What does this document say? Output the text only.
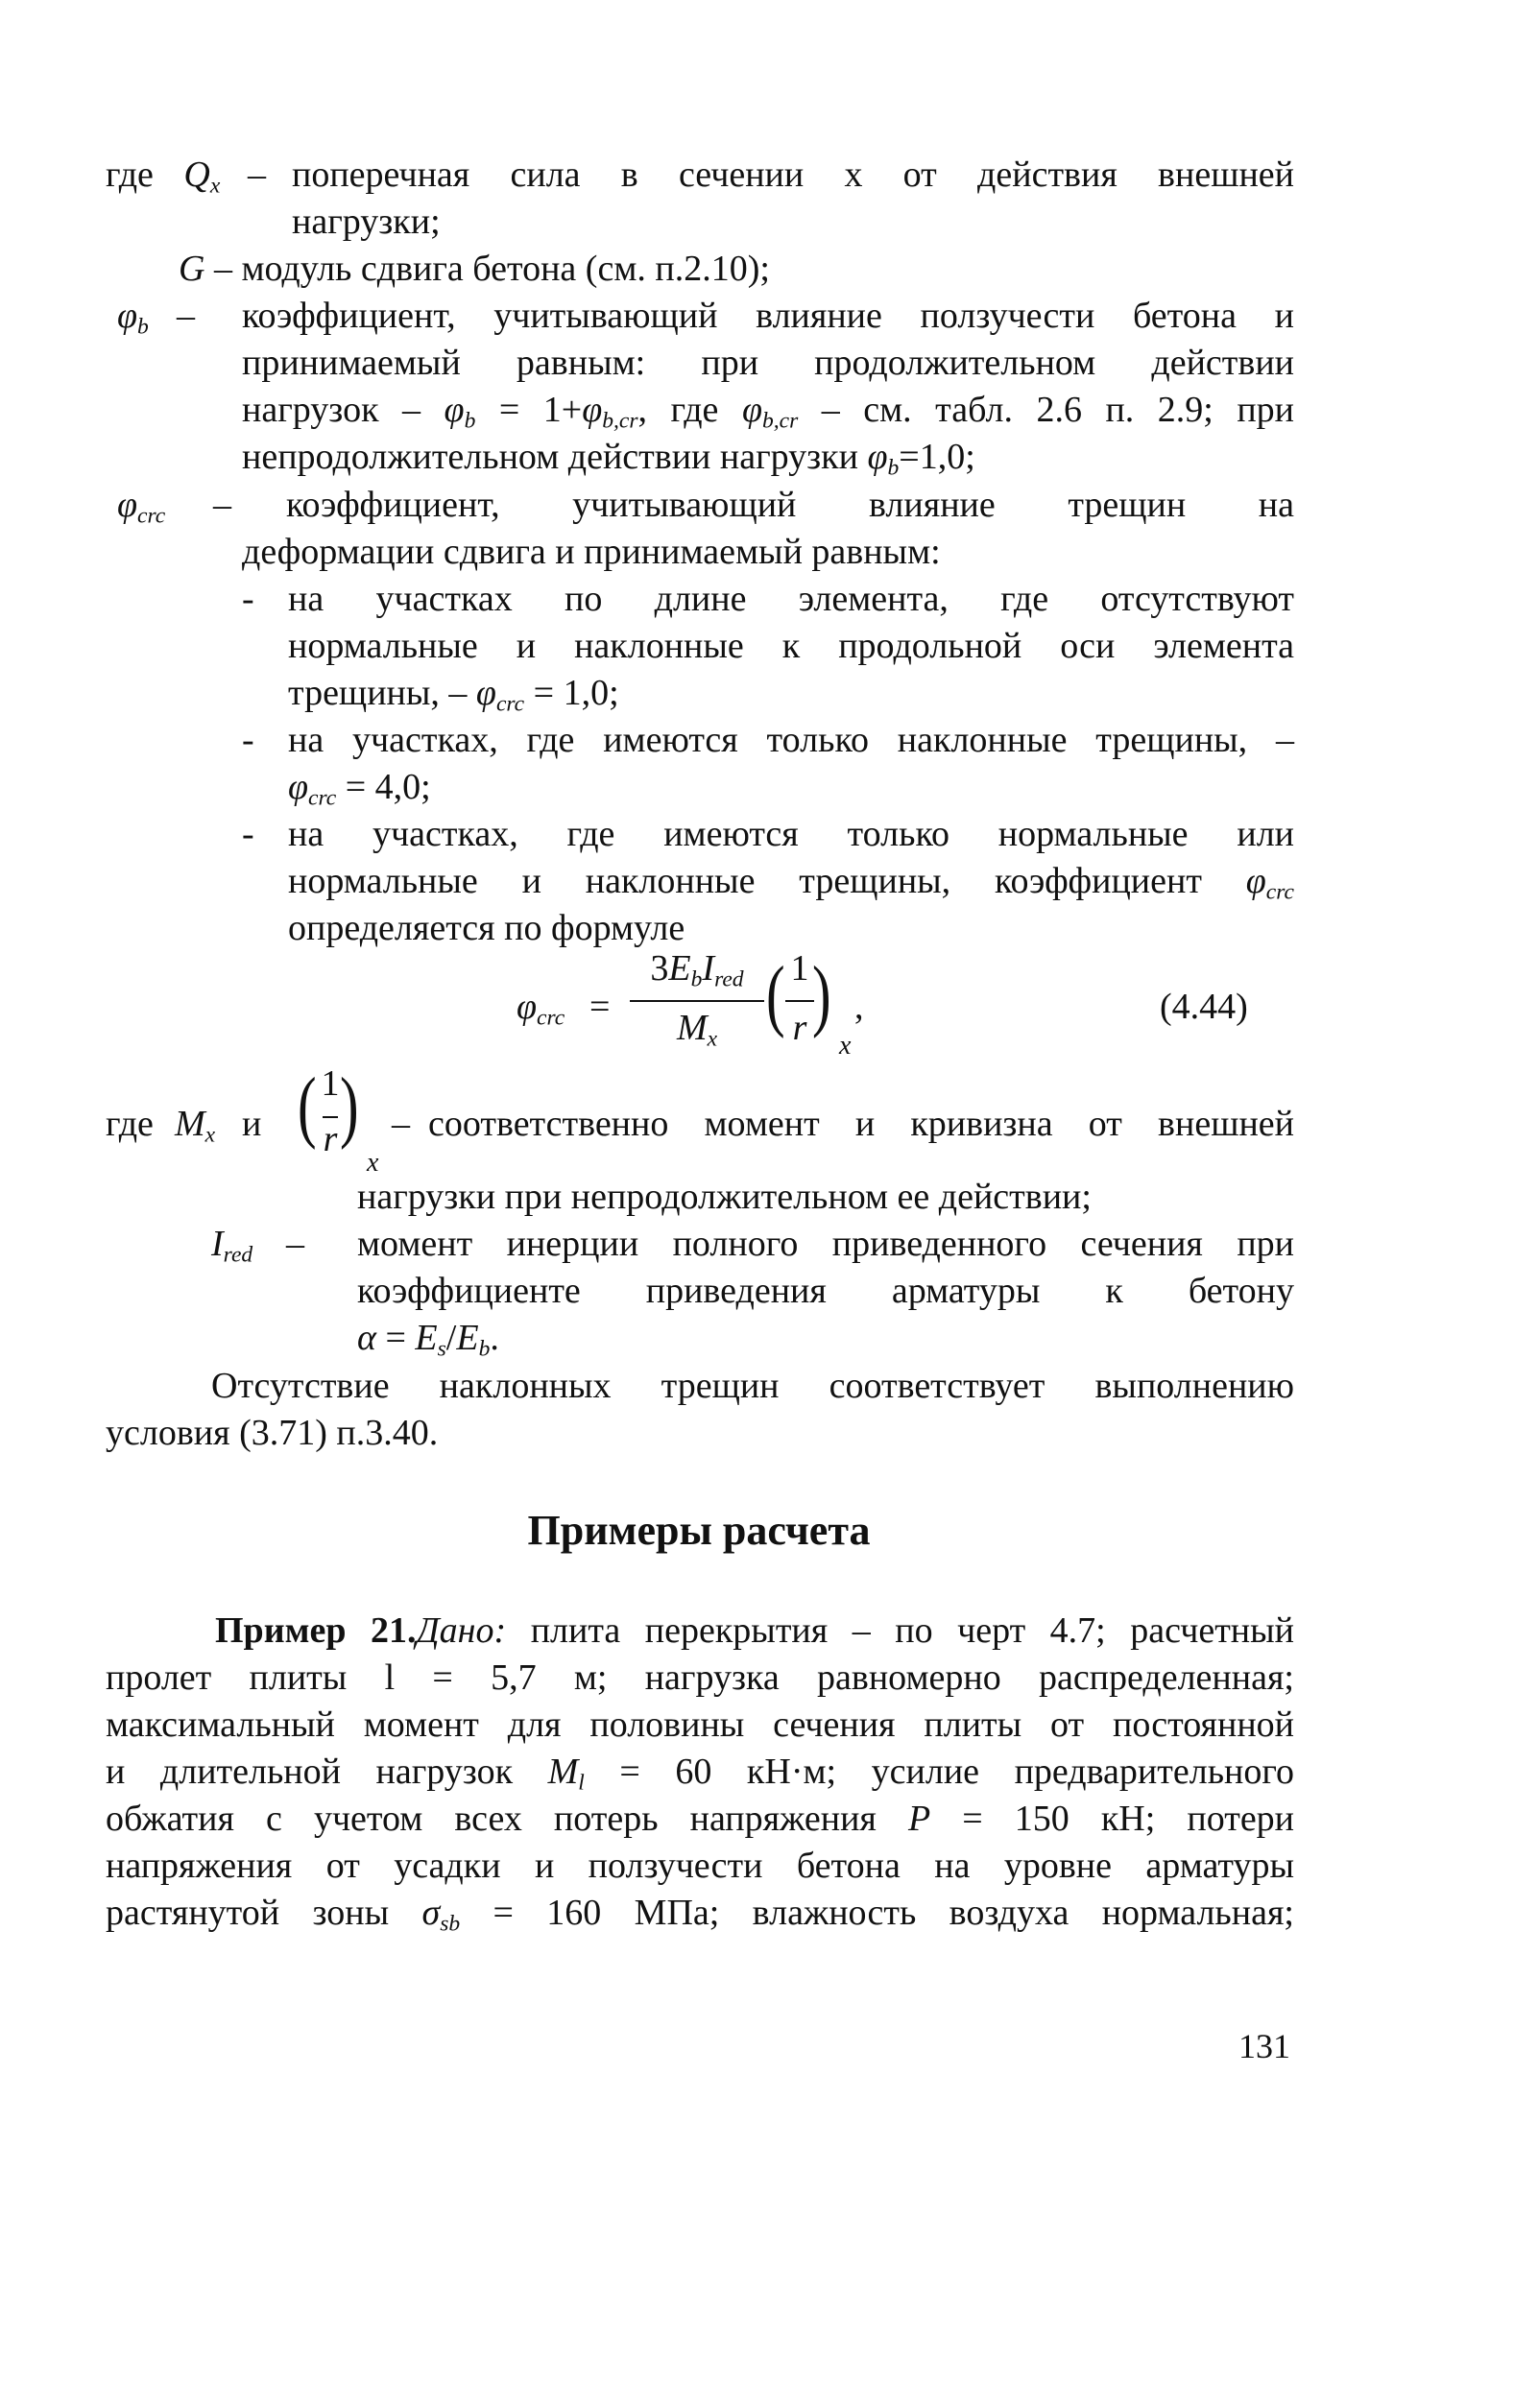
где $Q_x$ – поперечная сила в сечении x от действия внешней
нагрузки;
G – модуль сдвига бетона (см. п.2.10);
$\varphi_b$ – коэффициент, учитывающий влияние ползучести бетона и
принимаемый равным: при продолжительном действии
нагрузок – $\varphi_b = 1+\varphi_{b,cr}$, где $\varphi_{b,cr}$ – см. табл. 2.6 п. 2.9; при
непродолжительном действии нагрузки $\varphi_b=1,0$;
$\varphi_{crc}$ – коэффициент, учитывающий влияние трещин на
деформации сдвига и принимаемый равным:
- на участках по длине элемента, где отсутствуют
нормальные и наклонные к продольной оси элемента
трещины, – $\varphi_{crc} = 1,0$;
- на участках, где имеются только наклонные трещины, –
$\varphi_{crc} = 4,0$;
- на участках, где имеются только нормальные или
нормальные и наклонные трещины, коэффициент $\varphi_{crc}$
определяется по формуле
$\varphi_{crc}$ =
$3E_bI_{red}$
$M_x$ ( 1
r )
x
,	(4.44)
где $M_x$ и ( 1
r )
x
– соответственно момент и кривизна от внешней
нагрузки при непродолжительном ее действии;
$I_{red}$ – момент инерции полного приведенного сечения при
коэффициенте приведения арматуры к бетону
$\alpha = E_s/E_b$.
Отсутствие наклонных трещин соответствует выполнению
условия (3.71) п.3.40.
Примеры расчета
Пример 21.Дано: плита перекрытия – по черт 4.7; расчетный
пролет плиты l = 5,7 м; нагрузка равномерно распределенная;
максимальный момент для половины сечения плиты от постоянной
и длительной нагрузок $M_l = 60$ кН·м; усилие предварительного
обжатия с учетом всех потерь напряжения P = 150 кН; потери
напряжения от усадки и ползучести бетона на уровне арматуры
растянутой зоны $\sigma_{sb} = 160$ МПа; влажность воздуха нормальная;
131
